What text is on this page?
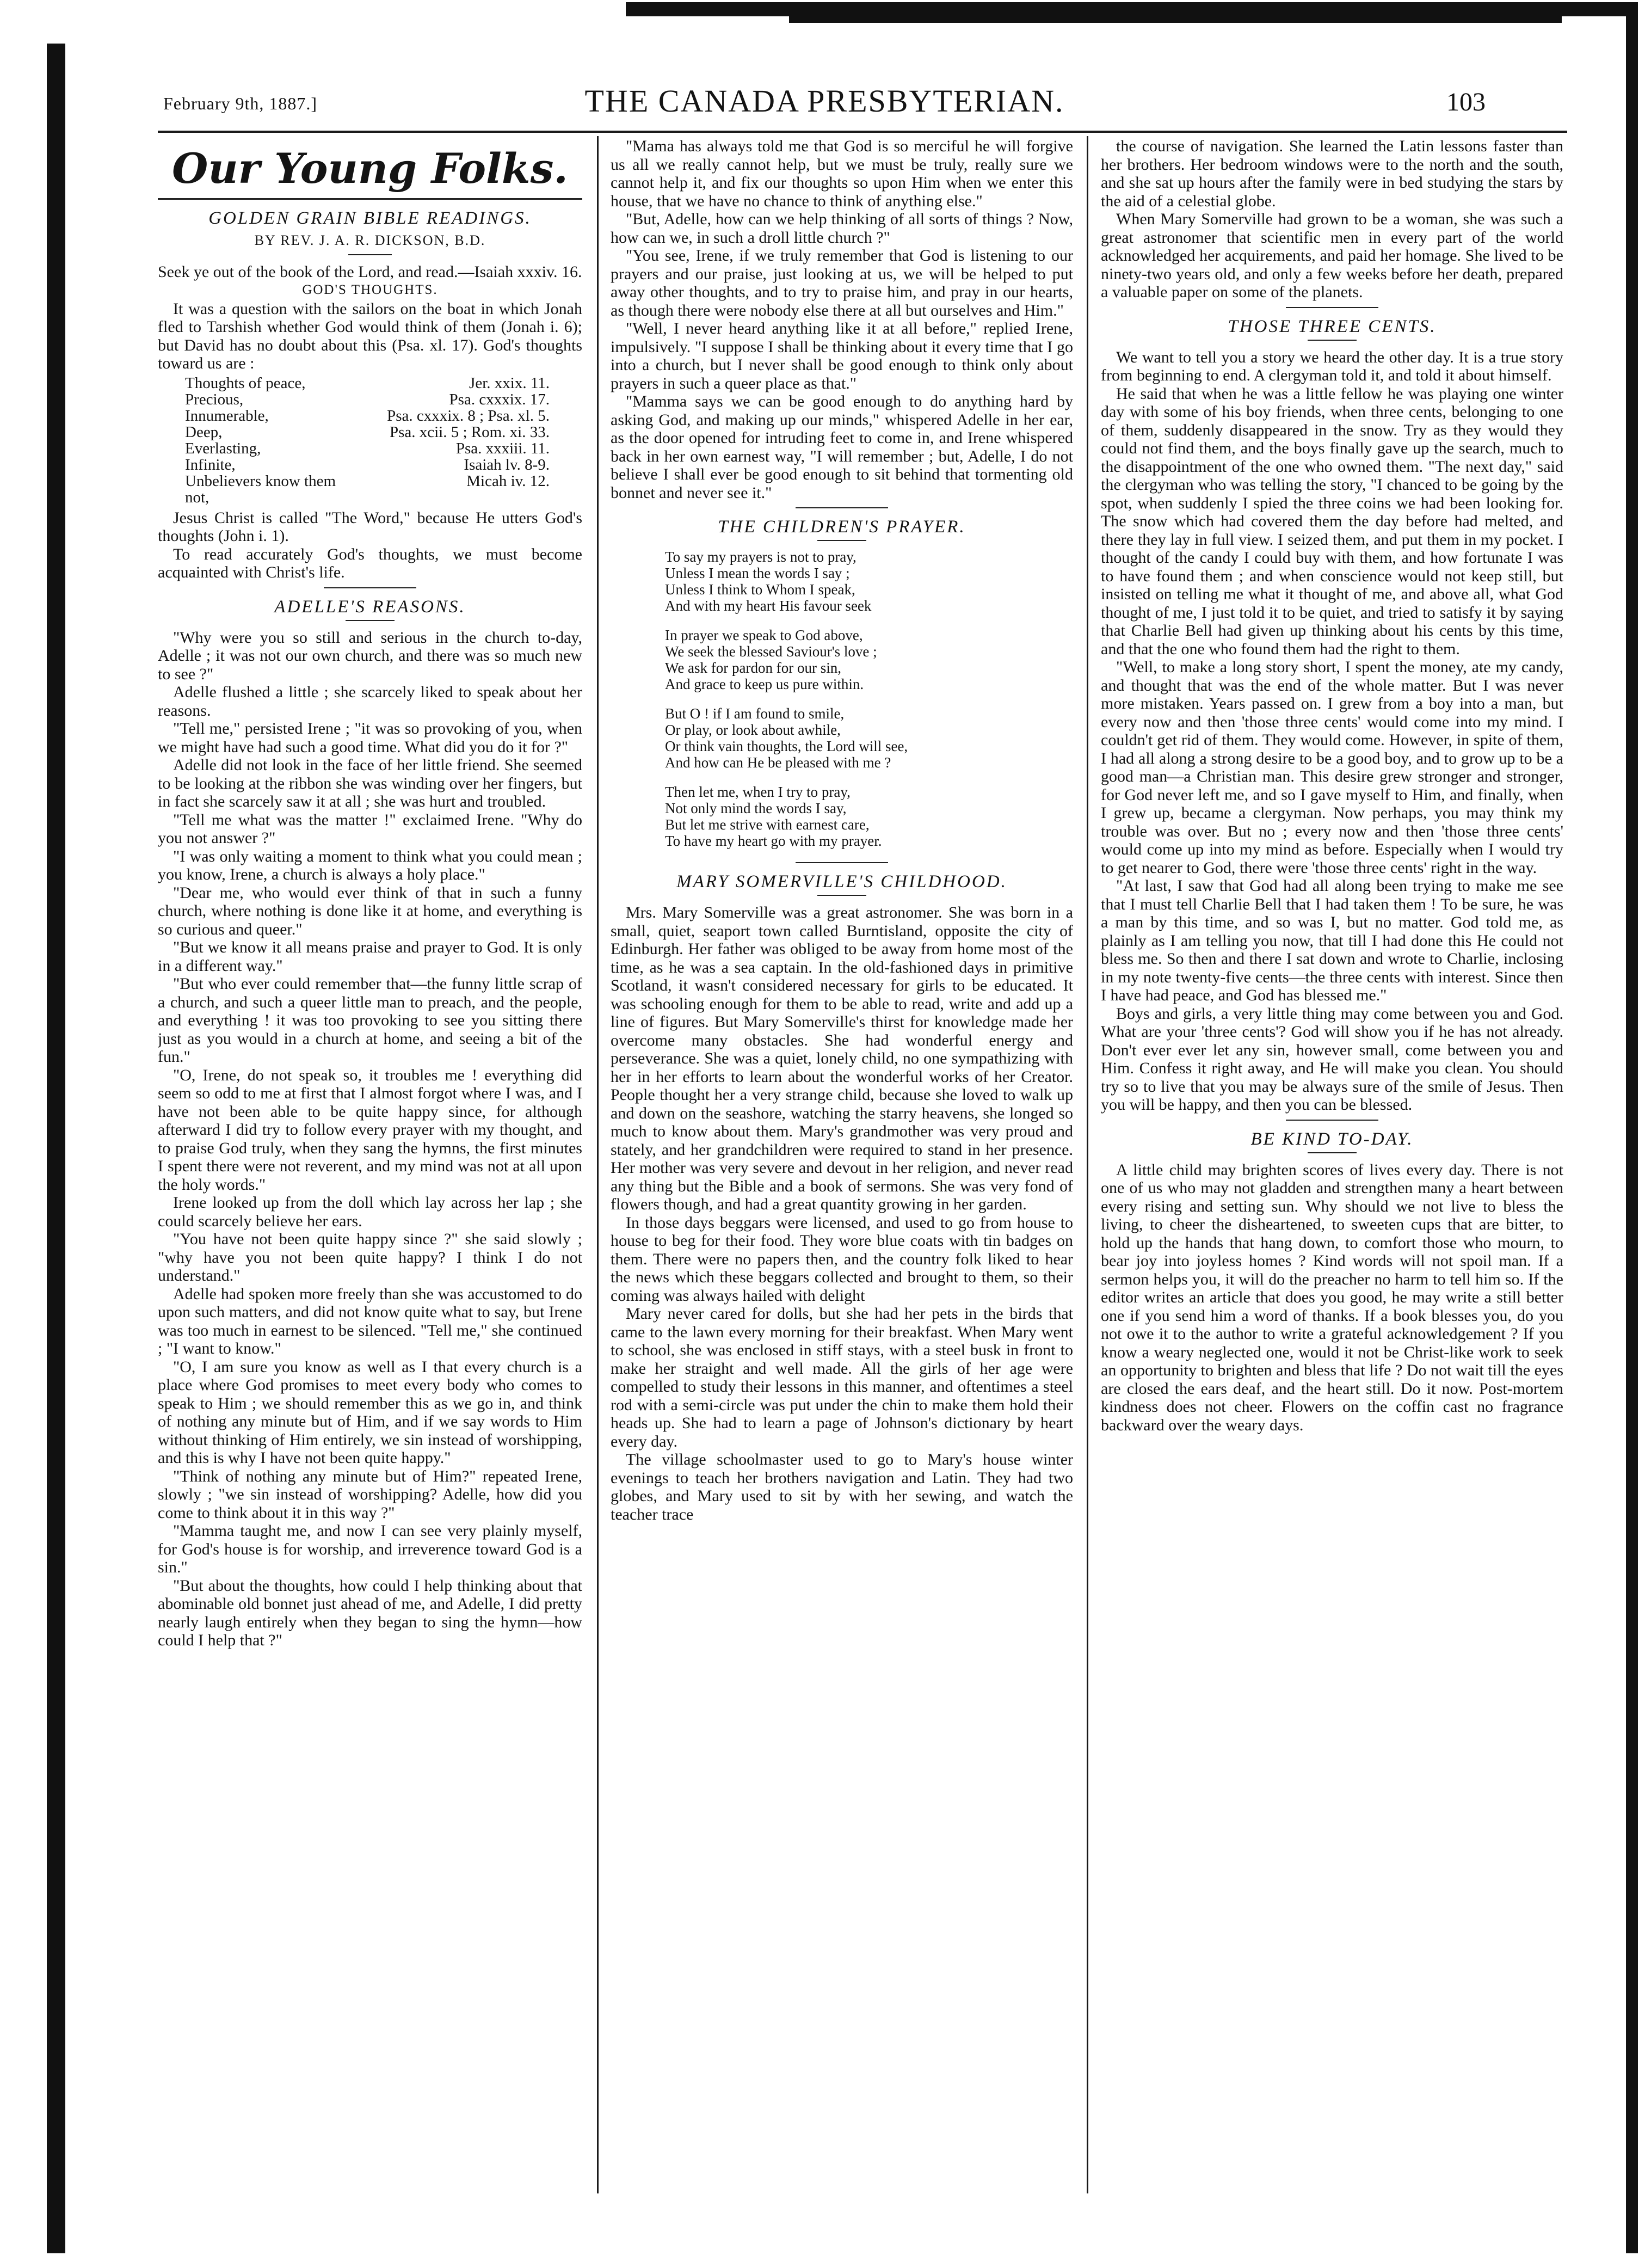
February 9th, 1887.]	THE CANADA PRESBYTERIAN.	103
Our Young Folks.
GOLDEN GRAIN BIBLE READINGS.
BY REV. J. A. R. DICKSON, B.D.

Seek ye out of the book of the Lord, and read.—Isaiah xxxiv. 16.

GOD'S THOUGHTS.

It was a question with the sailors on the boat in which Jonah fled to Tarshish whether God would think of them (Jonah i. 6); but David has no doubt about this (Psa. xl. 17). God's thoughts toward us are :

Thoughts of peace,	Jer. xxix. 11.
Precious,	Psa. cxxxix. 17.
Innumerable,	Psa. cxxxix. 8 ; Psa. xl. 5.
Deep,	Psa. xcii. 5 ; Rom. xi. 33.
Everlasting,	Psa. xxxiii. 11.
Infinite,	Isaiah lv. 8-9.
Unbelievers know them not,	Micah iv. 12.

Jesus Christ is called "The Word," because He utters God's thoughts (John i. 1).

To read accurately God's thoughts, we must become acquainted with Christ's life.

ADELLE'S REASONS.

"Why were you so still and serious in the church to-day, Adelle ; it was not our own church, and there was so much new to see ?"

Adelle flushed a little ; she scarcely liked to speak about her reasons.

"Tell me," persisted Irene ; "it was so provoking of you, when we might have had such a good time. What did you do it for ?"

Adelle did not look in the face of her little friend. She seemed to be looking at the ribbon she was winding over her fingers, but in fact she scarcely saw it at all ; she was hurt and troubled.

"Tell me what was the matter !" exclaimed Irene. "Why do you not answer ?"

"I was only waiting a moment to think what you could mean ; you know, Irene, a church is always a holy place."

"Dear me, who would ever think of that in such a funny church, where nothing is done like it at home, and everything is so curious and queer."

"But we know it all means praise and prayer to God. It is only in a different way."

"But who ever could remember that—the funny little scrap of a church, and such a queer little man to preach, and the people, and everything ! it was too provoking to see you sitting there just as you would in a church at home, and seeing a bit of the fun."

"O, Irene, do not speak so, it troubles me ! everything did seem so odd to me at first that I almost forgot where I was, and I have not been able to be quite happy since, for although afterward I did try to follow every prayer with my thought, and to praise God truly, when they sang the hymns, the first minutes I spent there were not reverent, and my mind was not at all upon the holy words."

Irene looked up from the doll which lay across her lap ; she could scarcely believe her ears.

"You have not been quite happy since ?" she said slowly ; "why have you not been quite happy? I think I do not understand."

Adelle had spoken more freely than she was accustomed to do upon such matters, and did not know quite what to say, but Irene was too much in earnest to be silenced. "Tell me," she continued ; "I want to know."

"O, I am sure you know as well as I that every church is a place where God promises to meet every body who comes to speak to Him ; we should remember this as we go in, and think of nothing any minute but of Him, and if we say words to Him without thinking of Him entirely, we sin instead of worshipping, and this is why I have not been quite happy."

"Think of nothing any minute but of Him?" repeated Irene, slowly ; "we sin instead of worshipping? Adelle, how did you come to think about it in this way ?"

"Mamma taught me, and now I can see very plainly myself, for God's house is for worship, and irreverence toward God is a sin."

"But about the thoughts, how could I help thinking about that abominable old bonnet just ahead of me, and Adelle, I did pretty nearly laugh entirely when they began to sing the hymn—how could I help that ?"

"Mama has always told me that God is so merciful he will forgive us all we really cannot help, but we must be truly, really sure we cannot help it, and fix our thoughts so upon Him when we enter this house, that we have no chance to think of anything else."

"But, Adelle, how can we help thinking of all sorts of things ? Now, how can we, in such a droll little church ?"

"You see, Irene, if we truly remember that God is listening to our prayers and our praise, just looking at us, we will be helped to put away other thoughts, and to try to praise him, and pray in our hearts, as though there were nobody else there at all but ourselves and Him."

"Well, I never heard anything like it at all before," replied Irene, impulsively. "I suppose I shall be thinking about it every time that I go into a church, but I never shall be good enough to think only about prayers in such a queer place as that."

"Mamma says we can be good enough to do anything hard by asking God, and making up our minds," whispered Adelle in her ear, as the door opened for intruding feet to come in, and Irene whispered back in her own earnest way, "I will remember ; but, Adelle, I do not believe I shall ever be good enough to sit behind that tormenting old bonnet and never see it."

THE CHILDREN'S PRAYER.
To say my prayers is not to pray,
Unless I mean the words I say ;
Unless I think to Whom I speak,
And with my heart His favour seek
In prayer we speak to God above,
We seek the blessed Saviour's love ;
We ask for pardon for our sin,
And grace to keep us pure within.
But O ! if I am found to smile,
Or play, or look about awhile,
Or think vain thoughts, the Lord will see,
And how can He be pleased with me ?
Then let me, when I try to pray,
Not only mind the words I say,
But let me strive with earnest care,
To have my heart go with my prayer.
MARY SOMERVILLE'S CHILDHOOD.

Mrs. Mary Somerville was a great astronomer. She was born in a small, quiet, seaport town called Burntisland, opposite the city of Edinburgh. Her father was obliged to be away from home most of the time, as he was a sea captain. In the old-fashioned days in primitive Scotland, it wasn't considered necessary for girls to be educated. It was schooling enough for them to be able to read, write and add up a line of figures. But Mary Somerville's thirst for knowledge made her overcome many obstacles. She had wonderful energy and perseverance. She was a quiet, lonely child, no one sympathizing with her in her efforts to learn about the wonderful works of her Creator. People thought her a very strange child, because she loved to walk up and down on the seashore, watching the starry heavens, she longed so much to know about them. Mary's grandmother was very proud and stately, and her grandchildren were required to stand in her presence. Her mother was very severe and devout in her religion, and never read any thing but the Bible and a book of sermons. She was very fond of flowers though, and had a great quantity growing in her garden.

In those days beggars were licensed, and used to go from house to house to beg for their food. They wore blue coats with tin badges on them. There were no papers then, and the country folk liked to hear the news which these beggars collected and brought to them, so their coming was always hailed with delight

Mary never cared for dolls, but she had her pets in the birds that came to the lawn every morning for their breakfast. When Mary went to school, she was enclosed in stiff stays, with a steel busk in front to make her straight and well made. All the girls of her age were compelled to study their lessons in this manner, and oftentimes a steel rod with a semi-circle was put under the chin to make them hold their heads up. She had to learn a page of Johnson's dictionary by heart every day.

The village schoolmaster used to go to Mary's house winter evenings to teach her brothers navigation and Latin. They had two globes, and Mary used to sit by with her sewing, and watch the teacher trace

the course of navigation. She learned the Latin lessons faster than her brothers. Her bedroom windows were to the north and the south, and she sat up hours after the family were in bed studying the stars by the aid of a celestial globe.

When Mary Somerville had grown to be a woman, she was such a great astronomer that scientific men in every part of the world acknowledged her acquirements, and paid her homage. She lived to be ninety-two years old, and only a few weeks before her death, prepared a valuable paper on some of the planets.

THOSE THREE CENTS.

We want to tell you a story we heard the other day. It is a true story from beginning to end. A clergyman told it, and told it about himself.

He said that when he was a little fellow he was playing one winter day with some of his boy friends, when three cents, belonging to one of them, suddenly disappeared in the snow. Try as they would they could not find them, and the boys finally gave up the search, much to the disappointment of the one who owned them. "The next day," said the clergyman who was telling the story, "I chanced to be going by the spot, when suddenly I spied the three coins we had been looking for. The snow which had covered them the day before had melted, and there they lay in full view. I seized them, and put them in my pocket. I thought of the candy I could buy with them, and how fortunate I was to have found them ; and when conscience would not keep still, but insisted on telling me what it thought of me, and above all, what God thought of me, I just told it to be quiet, and tried to satisfy it by saying that Charlie Bell had given up thinking about his cents by this time, and that the one who found them had the right to them.

"Well, to make a long story short, I spent the money, ate my candy, and thought that was the end of the whole matter. But I was never more mistaken. Years passed on. I grew from a boy into a man, but every now and then 'those three cents' would come into my mind. I couldn't get rid of them. They would come. However, in spite of them, I had all along a strong desire to be a good boy, and to grow up to be a good man—a Christian man. This desire grew stronger and stronger, for God never left me, and so I gave myself to Him, and finally, when I grew up, became a clergyman. Now perhaps, you may think my trouble was over. But no ; every now and then 'those three cents' would come up into my mind as before. Especially when I would try to get nearer to God, there were 'those three cents' right in the way.

"At last, I saw that God had all along been trying to make me see that I must tell Charlie Bell that I had taken them ! To be sure, he was a man by this time, and so was I, but no matter. God told me, as plainly as I am telling you now, that till I had done this He could not bless me. So then and there I sat down and wrote to Charlie, inclosing in my note twenty-five cents—the three cents with interest. Since then I have had peace, and God has blessed me."

Boys and girls, a very little thing may come between you and God. What are your 'three cents'? God will show you if he has not already. Don't ever ever let any sin, however small, come between you and Him. Confess it right away, and He will make you clean. You should try so to live that you may be always sure of the smile of Jesus. Then you will be happy, and then you can be blessed.

BE KIND TO-DAY.

A little child may brighten scores of lives every day. There is not one of us who may not gladden and strengthen many a heart between every rising and setting sun. Why should we not live to bless the living, to cheer the disheartened, to sweeten cups that are bitter, to hold up the hands that hang down, to comfort those who mourn, to bear joy into joyless homes ? Kind words will not spoil man. If a sermon helps you, it will do the preacher no harm to tell him so. If the editor writes an article that does you good, he may write a still better one if you send him a word of thanks. If a book blesses you, do you not owe it to the author to write a grateful acknowledgement ? If you know a weary neglected one, would it not be Christ-like work to seek an opportunity to brighten and bless that life ? Do not wait till the eyes are closed the ears deaf, and the heart still. Do it now. Post-mortem kindness does not cheer. Flowers on the coffin cast no fragrance backward over the weary days.
